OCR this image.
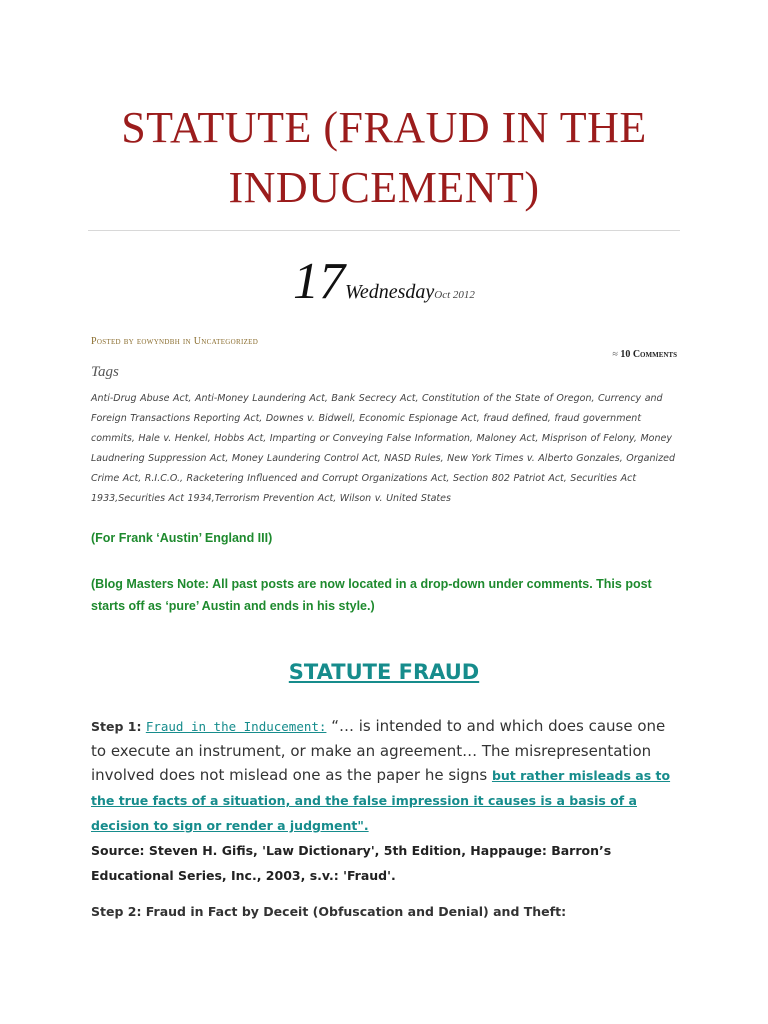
STATUTE (FRAUD IN THE INDUCEMENT)
17WednesdayOct 2012
Posted by eowyndbh in Uncategorized
≈ 10 Comments
Tags
Anti-Drug Abuse Act, Anti-Money Laundering Act, Bank Secrecy Act, Constitution of the State of Oregon, Currency and Foreign Transactions Reporting Act, Downes v. Bidwell, Economic Espionage Act, fraud defined, fraud government commits, Hale v. Henkel, Hobbs Act, Imparting or Conveying False Information, Maloney Act, Misprison of Felony, Money Laudnering Suppression Act, Money Laundering Control Act, NASD Rules, New York Times v. Alberto Gonzales, Organized Crime Act, R.I.C.O., Racketering Influenced and Corrupt Organizations Act, Section 802 Patriot Act, Securities Act 1933,Securities Act 1934,Terrorism Prevention Act, Wilson v. United States
(For Frank ‘Austin’ England III)
(Blog Masters Note: All past posts are now located in a drop-down under comments. This post starts off as ‘pure’ Austin and ends in his style.)
STATUTE FRAUD
Step 1: Fraud in the Inducement: “… is intended to and which does cause one to execute an instrument, or make an agreement… The misrepresentation involved does not mislead one as the paper he signs but rather misleads as to the true facts of a situation, and the false impression it causes is a basis of a decision to sign or render a judgment".
Source: Steven H. Gifis, 'Law Dictionary', 5th Edition, Happauge: Barron’s Educational Series, Inc., 2003, s.v.: 'Fraud'.
Step 2: Fraud in Fact by Deceit (Obfuscation and Denial) and Theft:
